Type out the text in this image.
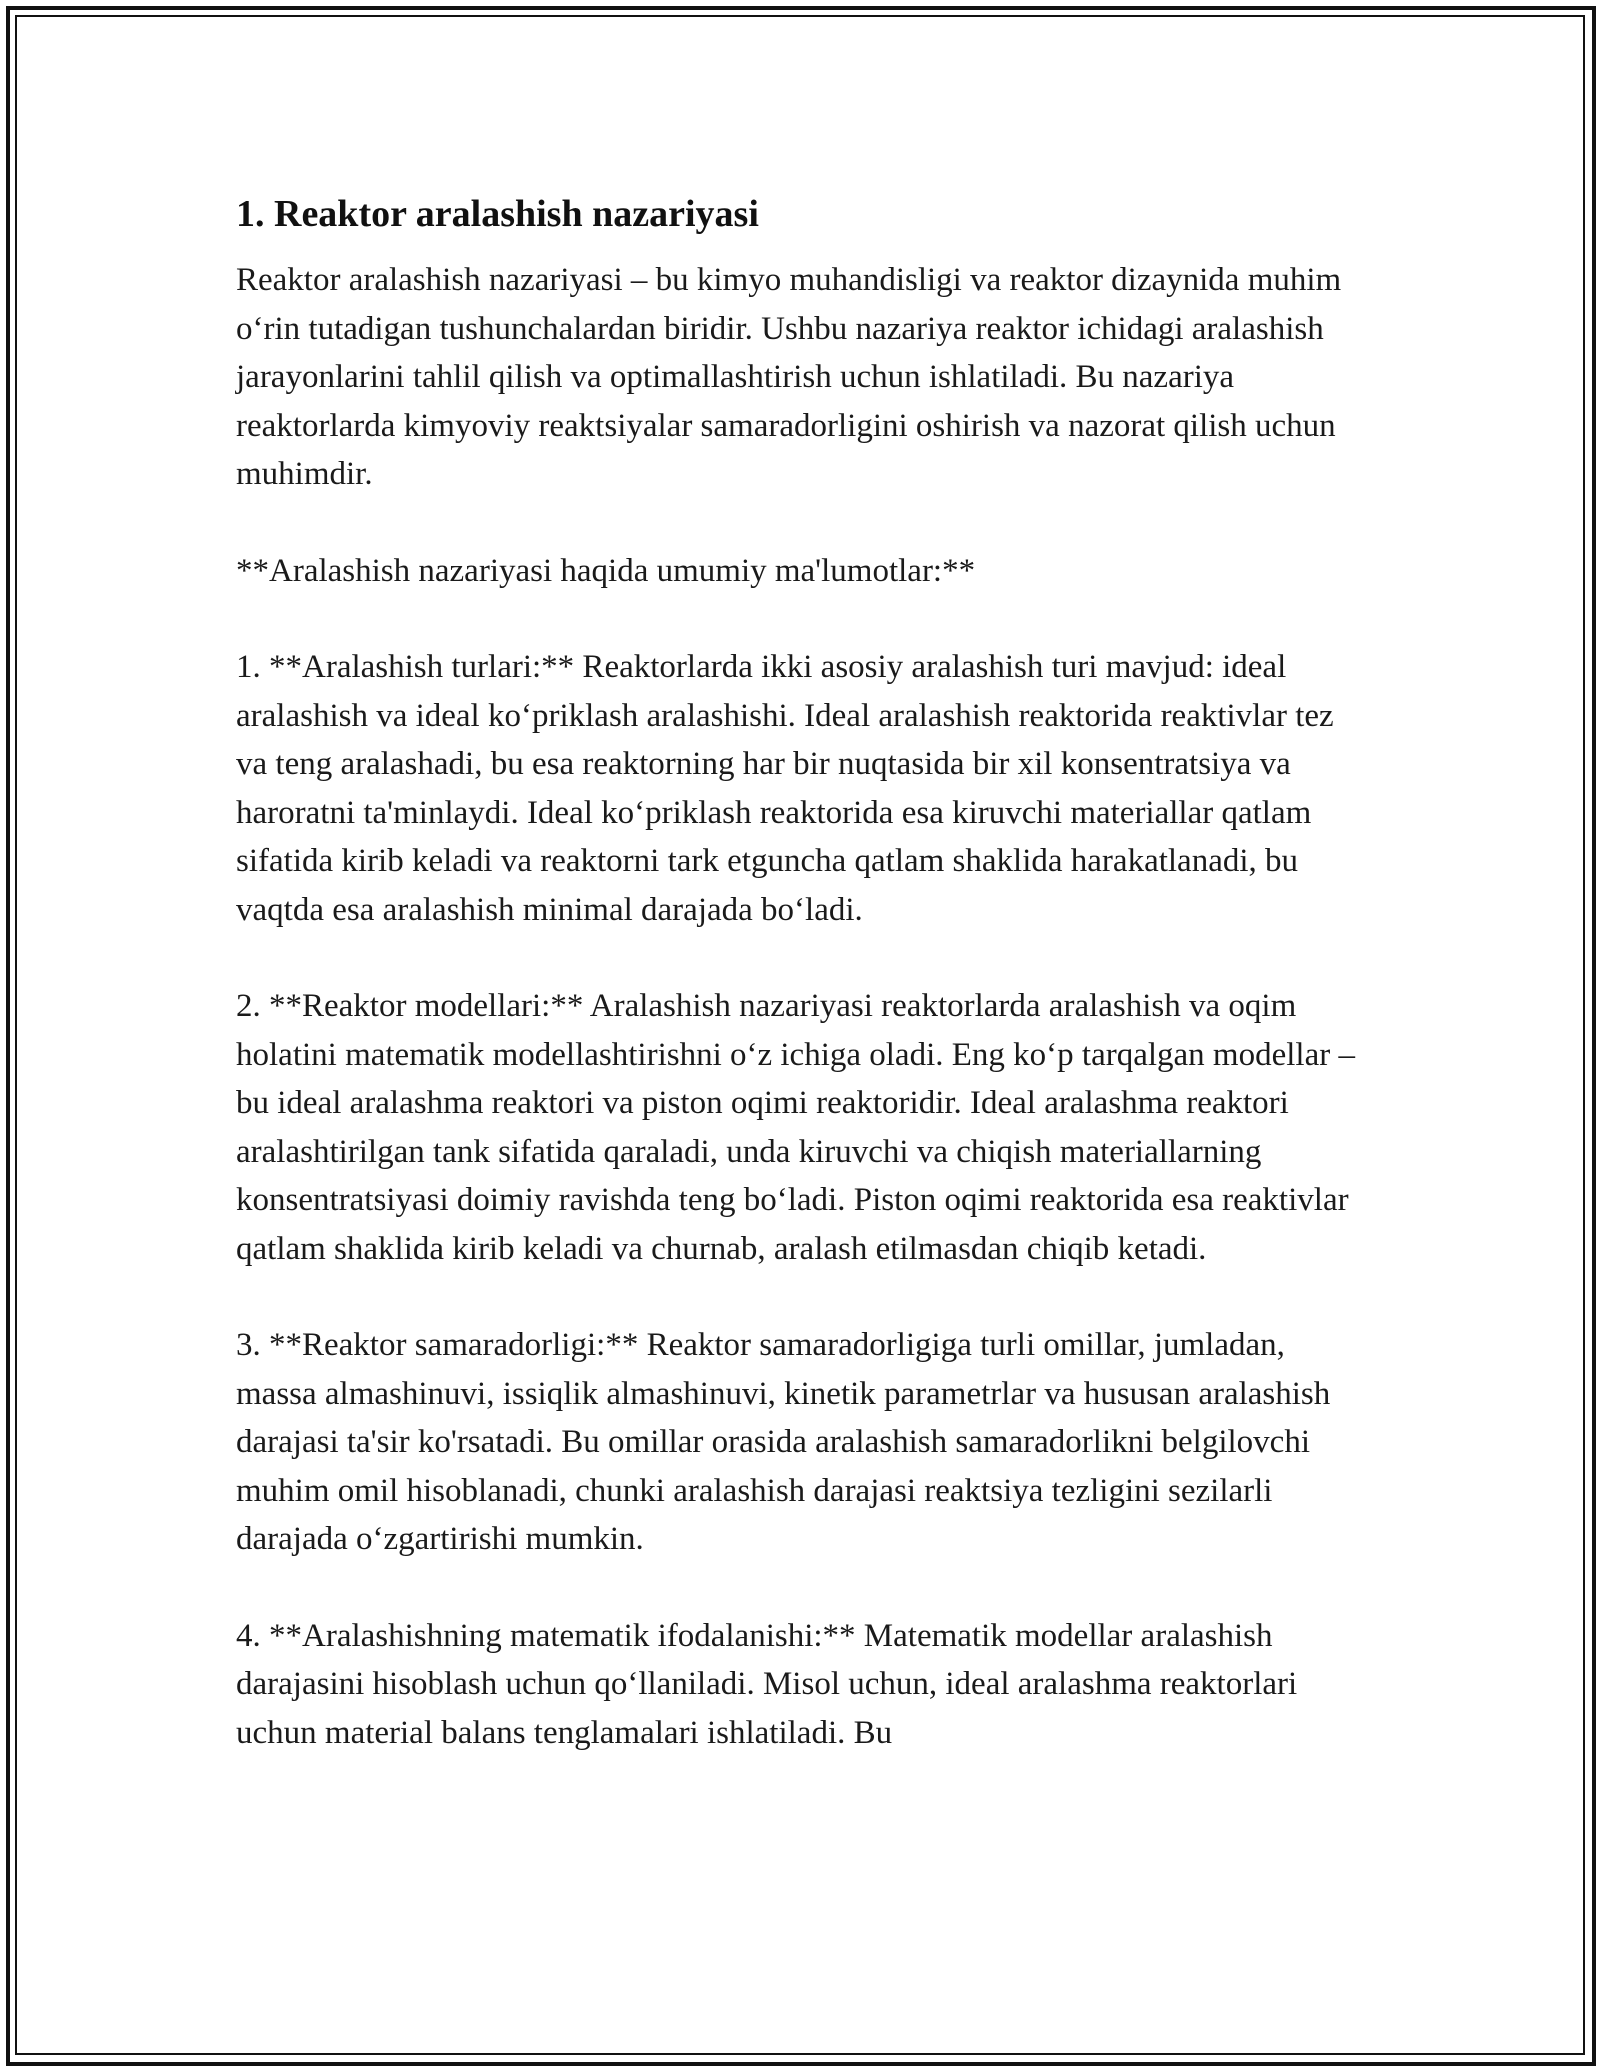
1. Reaktor aralashish nazariyasi

Reaktor aralashish nazariyasi – bu kimyo muhandisligi va reaktor dizaynida muhim o‘rin tutadigan tushunchalardan biridir. Ushbu nazariya reaktor ichidagi aralashish jarayonlarini tahlil qilish va optimallashtirish uchun ishlatiladi. Bu nazariya reaktorlarda kimyoviy reaktsiyalar samaradorligini oshirish va nazorat qilish uchun muhimdir.

**Aralashish nazariyasi haqida umumiy ma'lumotlar:**

1. **Aralashish turlari:** Reaktorlarda ikki asosiy aralashish turi mavjud: ideal aralashish va ideal ko‘priklash aralashishi. Ideal aralashish reaktorida reaktivlar tez va teng aralashadi, bu esa reaktorning har bir nuqtasida bir xil konsentratsiya va haroratni ta'minlaydi. Ideal ko‘priklash reaktorida esa kiruvchi materiallar qatlam sifatida kirib keladi va reaktorni tark etguncha qatlam shaklida harakatlanadi, bu vaqtda esa aralashish minimal darajada bo‘ladi.

2. **Reaktor modellari:** Aralashish nazariyasi reaktorlarda aralashish va oqim holatini matematik modellashtirishni o‘z ichiga oladi. Eng ko‘p tarqalgan modellar – bu ideal aralashma reaktori va piston oqimi reaktoridir. Ideal aralashma reaktori aralashtirilgan tank sifatida qaraladi, unda kiruvchi va chiqish materiallarning konsentratsiyasi doimiy ravishda teng bo‘ladi. Piston oqimi reaktorida esa reaktivlar qatlam shaklida kirib keladi va churnab, aralash etilmasdan chiqib ketadi.

3. **Reaktor samaradorligi:** Reaktor samaradorligiga turli omillar, jumladan, massa almashinuvi, issiqlik almashinuvi, kinetik parametrlar va hususan aralashish darajasi ta'sir ko'rsatadi. Bu omillar orasida aralashish samaradorlikni belgilovchi muhim omil hisoblanadi, chunki aralashish darajasi reaktsiya tezligini sezilarli darajada o‘zgartirishi mumkin.

4. **Aralashishning matematik ifodalanishi:** Matematik modellar aralashish darajasini hisoblash uchun qo‘llaniladi. Misol uchun, ideal aralashma reaktorlari uchun material balans tenglamalari ishlatiladi. Bu
